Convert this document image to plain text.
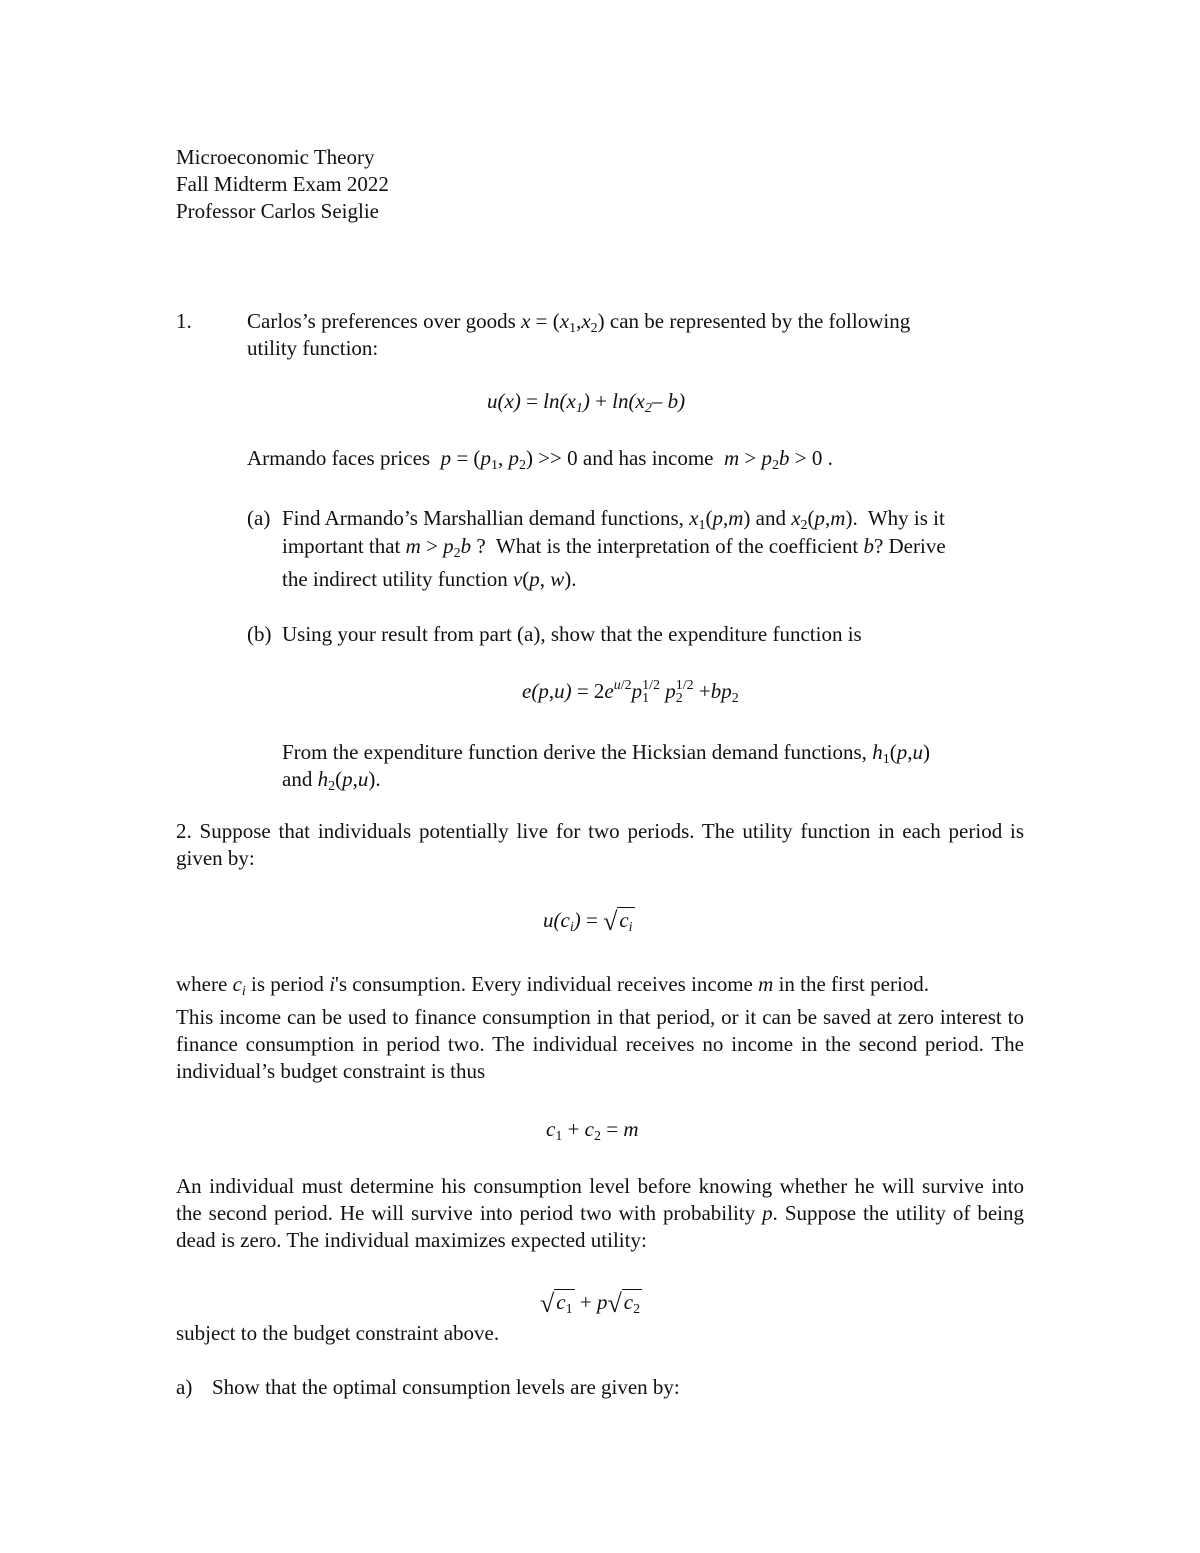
Microeconomic Theory
Fall Midterm Exam 2022
Professor Carlos Seiglie
1.	Carlos’s preferences over goods $x = (x_1,x_2)$ can be represented by the following
utility function:
$u(x) = \ln(x_1) + \ln(x_2-$ b)
Armando faces prices $p = (p_1$, $p_2) >> 0$ and has income $m > p_2b > 0$ .
(a) Find Armando’s Marshallian demand functions, $x_1(p,m)$ and $x_2(p,m)$.  Why is it
important that $m > p_2b$ ?  What is the interpretation of the coefficient b? Derive
the indirect utility function v(p, w).
(b) Using your result from part (a), show that the expenditure function is
$e(p,u) = 2e^{u/2}p_1^{1/2}$ $p_2^{1/2} +bp_2$
From the expenditure function derive the Hicksian demand functions, $h_1(p,u)$
and $h_2(p,u)$.
2. Suppose that individuals potentially live for two periods. The utility function in each period is given by:
$u(c_i) = √c_i$
where $c_i$ is period i's consumption. Every individual receives income m in the first period.
This income can be used to finance consumption in that period, or it can be saved at zero interest to finance consumption in period two. The individual receives no income in the second period. The individual’s budget constraint is thus
$c_1 + c_2 = m$
An individual must determine his consumption level before knowing whether he will survive into the second period. He will survive into period two with probability p. Suppose the utility of being dead is zero. The individual maximizes expected utility:
$√c_1 + p√c_2$
subject to the budget constraint above.
a) Show that the optimal consumption levels are given by:
